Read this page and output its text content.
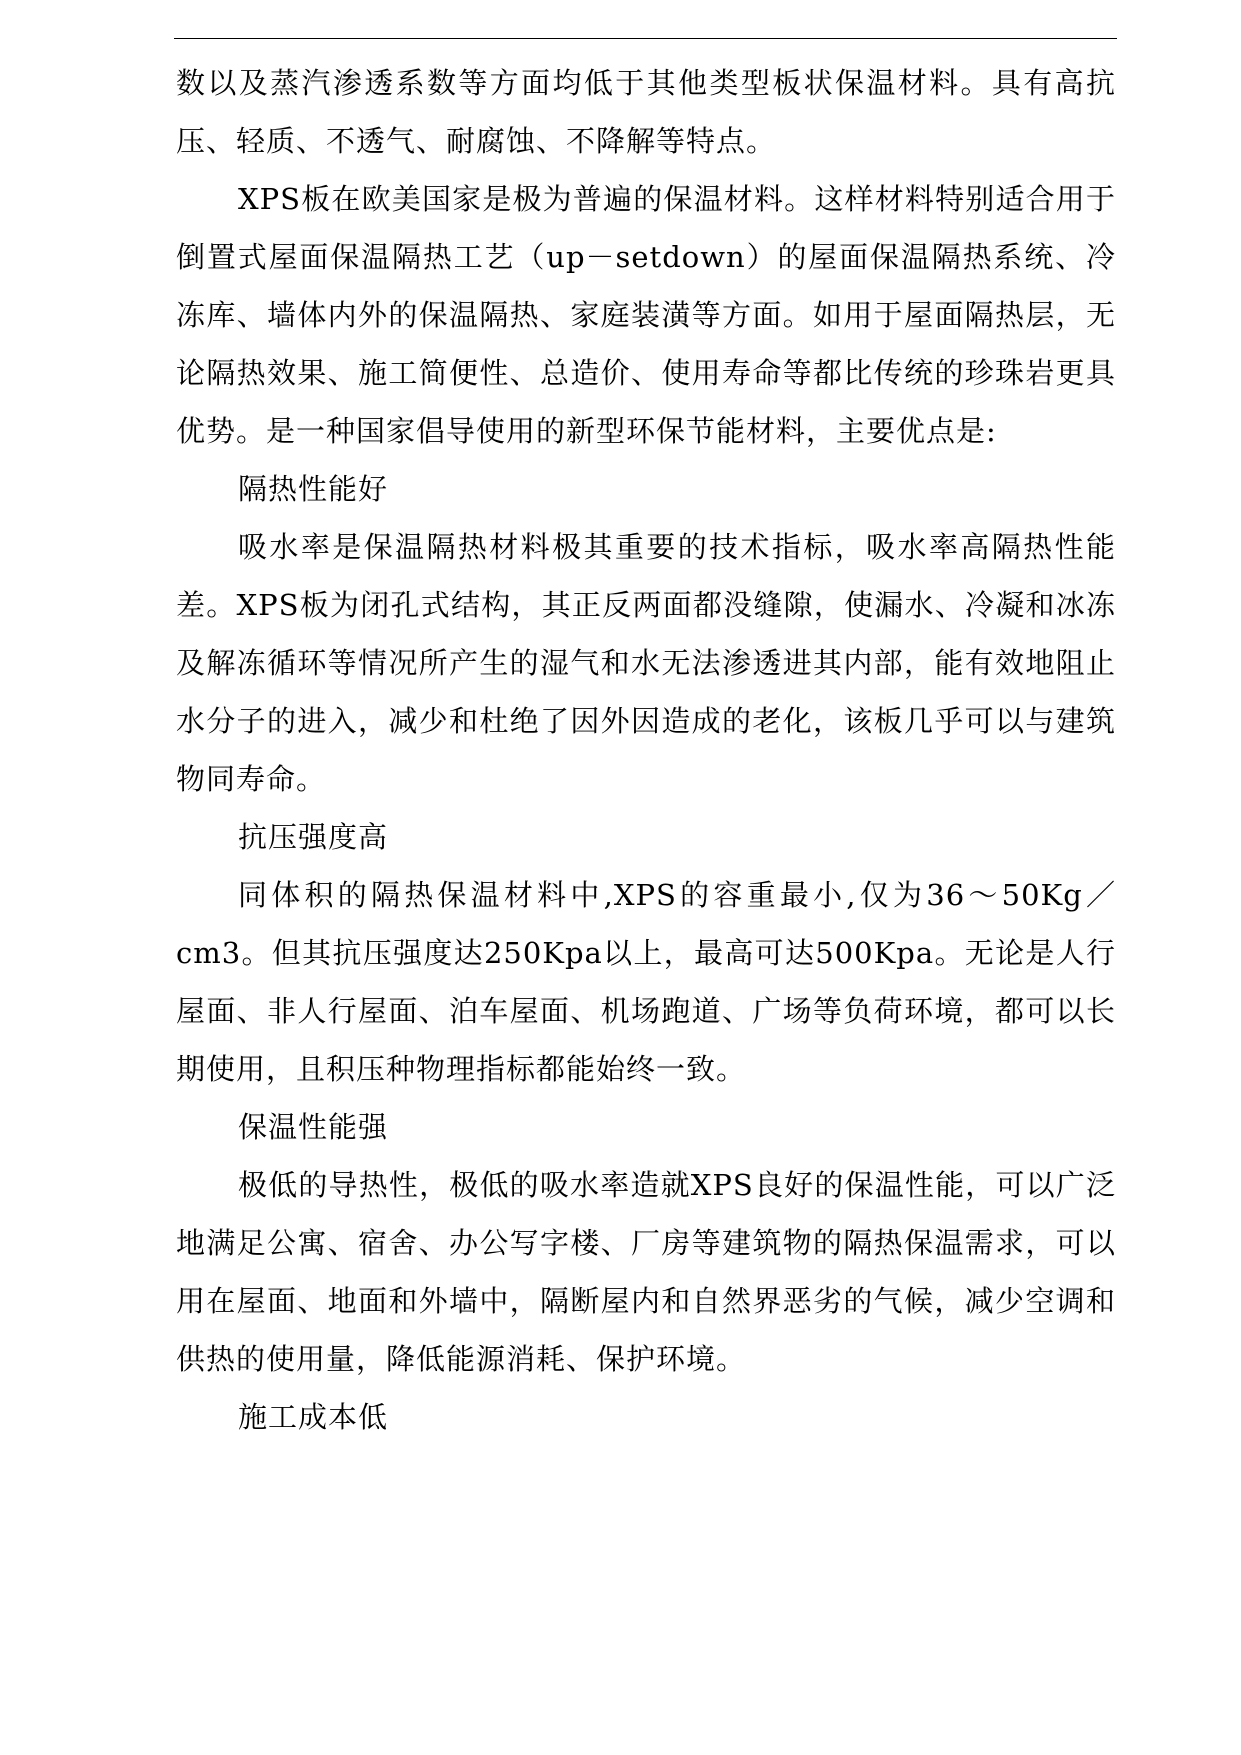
数以及蒸汽渗透系数等方面均低于其他类型板状保温材料。具有高抗压、轻质、不透气、耐腐蚀、不降解等特点。

XPS板在欧美国家是极为普遍的保温材料。这样材料特别适合用于倒置式屋面保温隔热工艺（up－setdown）的屋面保温隔热系统、冷冻库、墙体内外的保温隔热、家庭装潢等方面。如用于屋面隔热层，无论隔热效果、施工简便性、总造价、使用寿命等都比传统的珍珠岩更具优势。是一种国家倡导使用的新型环保节能材料，主要优点是:

隔热性能好

吸水率是保温隔热材料极其重要的技术指标，吸水率高隔热性能差。XPS板为闭孔式结构，其正反两面都没缝隙，使漏水、冷凝和冰冻及解冻循环等情况所产生的湿气和水无法渗透进其内部，能有效地阻止水分子的进入，减少和杜绝了因外因造成的老化，该板几乎可以与建筑物同寿命。

抗压强度高

同体积的隔热保温材料中,XPS的容重最小,仅为36～50Kg／cm3。但其抗压强度达250Kpa以上，最高可达500Kpa。无论是人行屋面、非人行屋面、泊车屋面、机场跑道、广场等负荷环境，都可以长期使用，且积压种物理指标都能始终一致。

保温性能强

极低的导热性，极低的吸水率造就XPS良好的保温性能，可以广泛地满足公寓、宿舍、办公写字楼、厂房等建筑物的隔热保温需求，可以用在屋面、地面和外墙中，隔断屋内和自然界恶劣的气候，减少空调和供热的使用量，降低能源消耗、保护环境。

施工成本低
